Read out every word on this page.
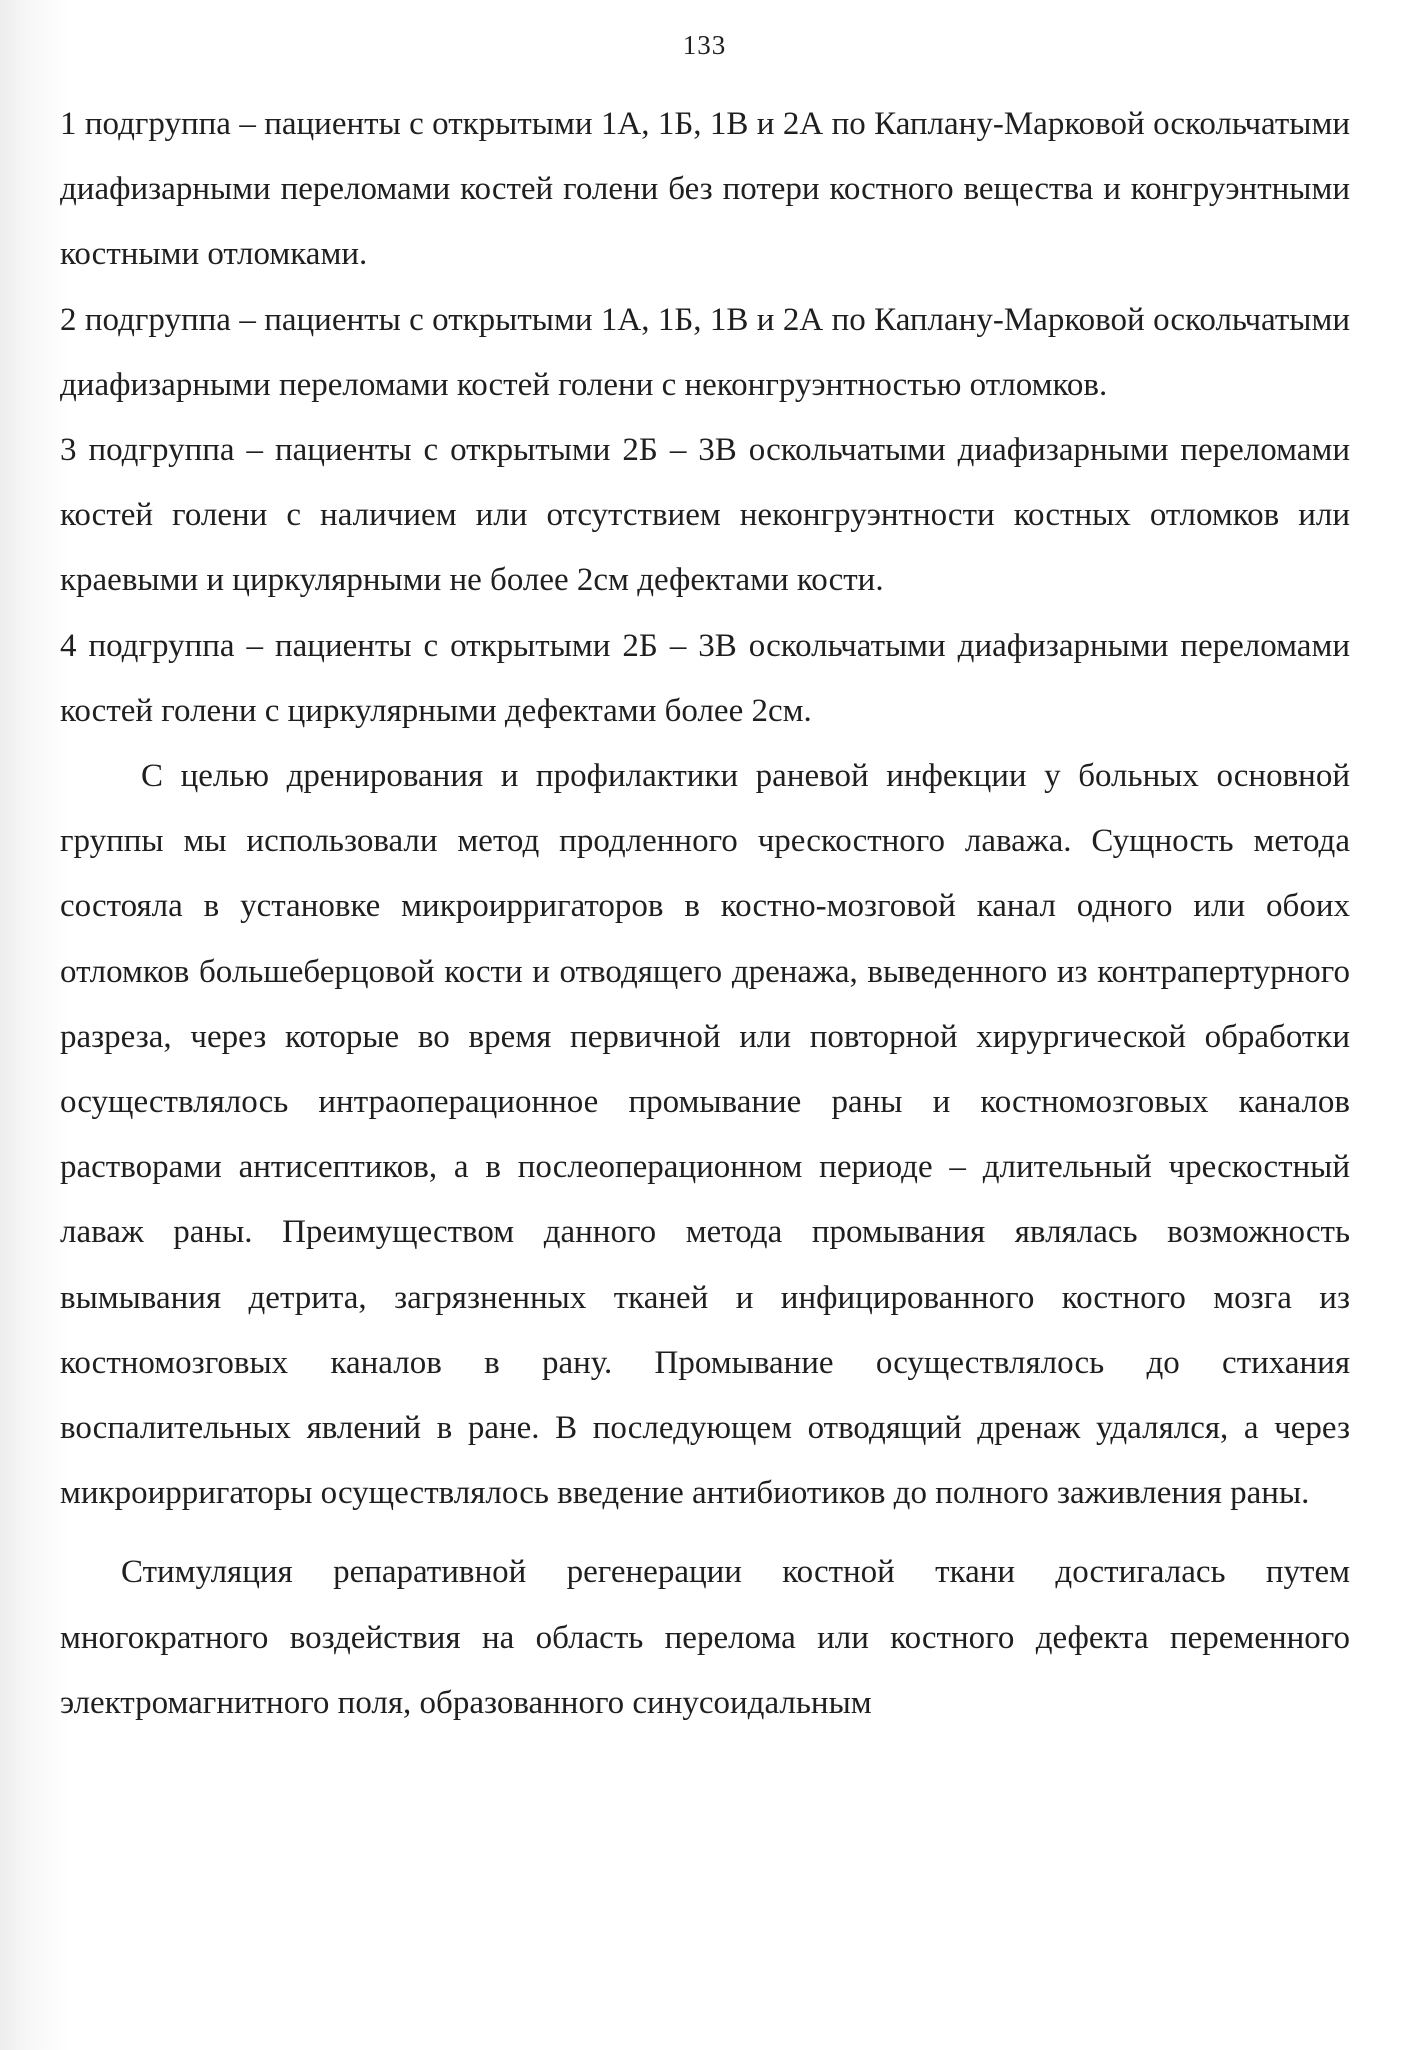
133

1 подгруппа – пациенты с открытыми 1А, 1Б, 1В и 2А по Каплану-Марковой оскольчатыми диафизарными переломами костей голени без потери костного вещества и конгруэнтными костными отломками.

2 подгруппа – пациенты с открытыми 1А, 1Б, 1В и 2А по Каплану-Марковой оскольчатыми диафизарными переломами костей голени с неконгруэнтностью отломков.

3 подгруппа – пациенты с открытыми 2Б – 3В оскольчатыми диафизарными переломами костей голени с наличием или отсутствием неконгруэнтности костных отломков или краевыми и циркулярными не более 2см дефектами кости.

4 подгруппа – пациенты с открытыми 2Б – 3В оскольчатыми диафизарными переломами костей голени с циркулярными дефектами более 2см.

С целью дренирования и профилактики раневой инфекции у больных основной группы мы использовали метод продленного чрескостного лаважа. Сущность метода состояла в установке микроирригаторов в костно-мозговой канал одного или обоих отломков большеберцовой кости и отводящего дренажа, выведенного из контрапертурного разреза, через которые во время первичной или повторной хирургической обработки осуществлялось интраоперационное промывание раны и костномозговых каналов растворами антисептиков, а в послеоперационном периоде – длительный чрескостный лаваж раны. Преимуществом данного метода промывания являлась возможность вымывания детрита, загрязненных тканей и инфицированного костного мозга из костномозговых каналов в рану. Промывание осуществлялось до стихания воспалительных явлений в ране. В последующем отводящий дренаж удалялся, а через микроирригаторы осуществлялось введение антибиотиков до полного заживления раны.

Стимуляция репаративной регенерации костной ткани достигалась путем многократного воздействия на область перелома или костного дефекта переменного электромагнитного поля, образованного синусоидальным
